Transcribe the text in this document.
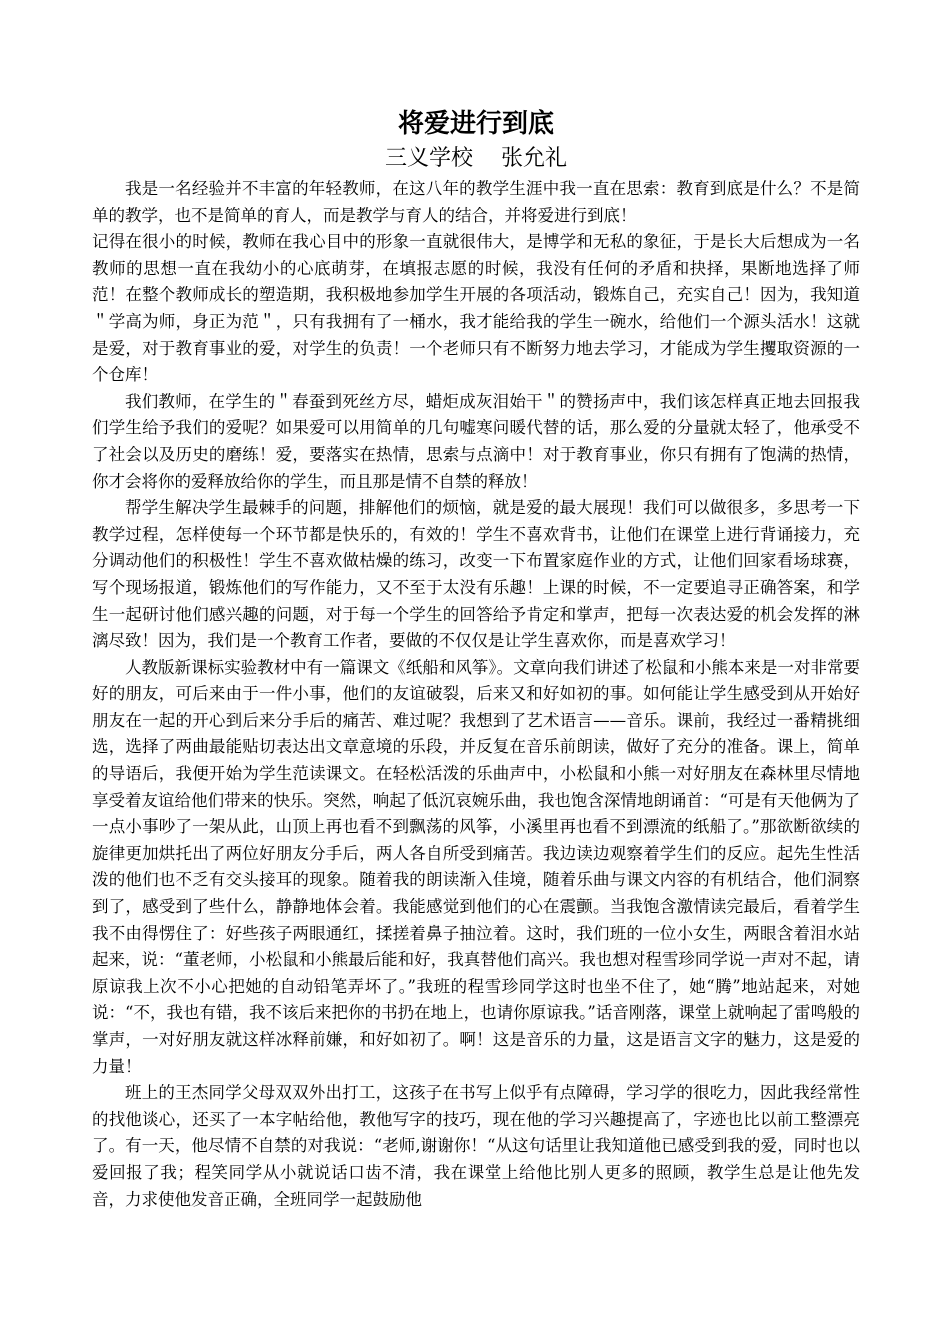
将爱进行到底

三义学校    张允礼

我是一名经验并不丰富的年轻教师，在这八年的教学生涯中我一直在思索：教育到底是什么？不是简单的教学，也不是简单的育人，而是教学与育人的结合，并将爱进行到底！

记得在很小的时候，教师在我心目中的形象一直就很伟大，是博学和无私的象征，于是长大后想成为一名教师的思想一直在我幼小的心底萌芽，在填报志愿的时候，我没有任何的矛盾和抉择，果断地选择了师范！在整个教师成长的塑造期，我积极地参加学生开展的各项活动，锻炼自己，充实自己！因为，我知道＂学高为师，身正为范＂，只有我拥有了一桶水，我才能给我的学生一碗水，给他们一个源头活水！这就是爱，对于教育事业的爱，对学生的负责！一个老师只有不断努力地去学习，才能成为学生攫取资源的一个仓库！

我们教师，在学生的＂春蚕到死丝方尽，蜡炬成灰泪始干＂的赞扬声中，我们该怎样真正地去回报我们学生给予我们的爱呢？如果爱可以用简单的几句嘘寒问暖代替的话，那么爱的分量就太轻了，他承受不了社会以及历史的磨练！爱，要落实在热情，思索与点滴中！对于教育事业，你只有拥有了饱满的热情，你才会将你的爱释放给你的学生，而且那是情不自禁的释放！

帮学生解决学生最棘手的问题，排解他们的烦恼，就是爱的最大展现！我们可以做很多，多思考一下教学过程，怎样使每一个环节都是快乐的，有效的！学生不喜欢背书，让他们在课堂上进行背诵接力，充分调动他们的积极性！学生不喜欢做枯燥的练习，改变一下布置家庭作业的方式，让他们回家看场球赛，写个现场报道，锻炼他们的写作能力，又不至于太没有乐趣！上课的时候，不一定要追寻正确答案，和学生一起研讨他们感兴趣的问题，对于每一个学生的回答给予肯定和掌声，把每一次表达爱的机会发挥的淋漓尽致！因为，我们是一个教育工作者，要做的不仅仅是让学生喜欢你，而是喜欢学习！

人教版新课标实验教材中有一篇课文《纸船和风筝》。文章向我们讲述了松鼠和小熊本来是一对非常要好的朋友，可后来由于一件小事，他们的友谊破裂，后来又和好如初的事。如何能让学生感受到从开始好朋友在一起的开心到后来分手后的痛苦、难过呢？我想到了艺术语言——音乐。课前，我经过一番精挑细选，选择了两曲最能贴切表达出文章意境的乐段，并反复在音乐前朗读，做好了充分的准备。课上，简单的导语后，我便开始为学生范读课文。在轻松活泼的乐曲声中，小松鼠和小熊一对好朋友在森林里尽情地享受着友谊给他们带来的快乐。突然，响起了低沉哀婉乐曲，我也饱含深情地朗诵首：“可是有天他俩为了一点小事吵了一架从此，山顶上再也看不到飘荡的风筝，小溪里再也看不到漂流的纸船了。”那欲断欲续的旋律更加烘托出了两位好朋友分手后，两人各自所受到痛苦。我边读边观察着学生们的反应。起先生性活泼的他们也不乏有交头接耳的现象。随着我的朗读渐入佳境，随着乐曲与课文内容的有机结合，他们洞察到了，感受到了些什么，静静地体会着。我能感觉到他们的心在震颤。当我饱含激情读完最后，看着学生我不由得愣住了：好些孩子两眼通红，揉搓着鼻子抽泣着。这时，我们班的一位小女生，两眼含着泪水站起来，说：“董老师，小松鼠和小熊最后能和好，我真替他们高兴。我也想对程雪珍同学说一声对不起，请原谅我上次不小心把她的自动铅笔弄坏了。”我班的程雪珍同学这时也坐不住了，她“腾”地站起来，对她说：“不，我也有错，我不该后来把你的书扔在地上，也请你原谅我。”话音刚落，课堂上就响起了雷鸣般的掌声，一对好朋友就这样冰释前嫌，和好如初了。啊！这是音乐的力量，这是语言文字的魅力，这是爱的力量！

班上的王杰同学父母双双外出打工，这孩子在书写上似乎有点障碍，学习学的很吃力，因此我经常性的找他谈心，还买了一本字帖给他，教他写字的技巧，现在他的学习兴趣提高了，字迹也比以前工整漂亮了。有一天，他尽情不自禁的对我说：“老师,谢谢你！“从这句话里让我知道他已感受到我的爱，同时也以爱回报了我；程笑同学从小就说话口齿不清，我在课堂上给他比别人更多的照顾，教学生总是让他先发音，力求使他发音正确，全班同学一起鼓励他
